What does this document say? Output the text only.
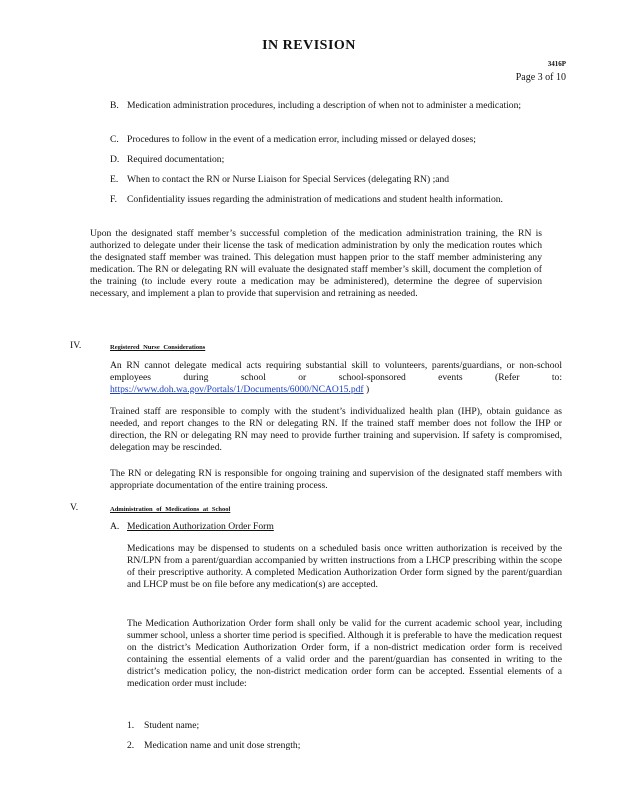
IN REVISION
3416P
Page 3 of 10
B. Medication administration procedures, including a description of when not to administer a medication;
C. Procedures to follow in the event of a medication error, including missed or delayed doses;
D. Required documentation;
E. When to contact the RN or Nurse Liaison for Special Services (delegating RN) ;and
F. Confidentiality issues regarding the administration of medications and student health information.
Upon the designated staff member’s successful completion of the medication administration training, the RN is authorized to delegate under their license the task of medication administration by only the medication routes which the designated staff member was trained. This delegation must happen prior to the staff member administering any medication. The RN or delegating RN will evaluate the designated staff member’s skill, document the completion of the training (to include every route a medication may be administered), determine the degree of supervision necessary, and implement a plan to provide that supervision and retraining as needed.
IV.	Registered Nurse Considerations
An RN cannot delegate medical acts requiring substantial skill to volunteers, parents/guardians, or non-school employees during school or school-sponsored events (Refer to: https://www.doh.wa.gov/Portals/1/Documents/6000/NCAO15.pdf )
Trained staff are responsible to comply with the student’s individualized health plan (IHP), obtain guidance as needed, and report changes to the RN or delegating RN. If the trained staff member does not follow the IHP or direction, the RN or delegating RN may need to provide further training and supervision. If safety is compromised, delegation may be rescinded.
The RN or delegating RN is responsible for ongoing training and supervision of the designated staff members with appropriate documentation of the entire training process.
V.	Administration of Medications at School
A. Medication Authorization Order Form
Medications may be dispensed to students on a scheduled basis once written authorization is received by the RN/LPN from a parent/guardian accompanied by written instructions from a LHCP prescribing within the scope of their prescriptive authority. A completed Medication Authorization Order form signed by the parent/guardian and LHCP must be on file before any medication(s) are accepted.
The Medication Authorization Order form shall only be valid for the current academic school year, including summer school, unless a shorter time period is specified. Although it is preferable to have the medication request on the district’s Medication Authorization Order form, if a non-district medication order form is received containing the essential elements of a valid order and the parent/guardian has consented in writing to the district’s medication policy, the non-district medication order form can be accepted. Essential elements of a medication order must include:
1. Student name;
2. Medication name and unit dose strength;
